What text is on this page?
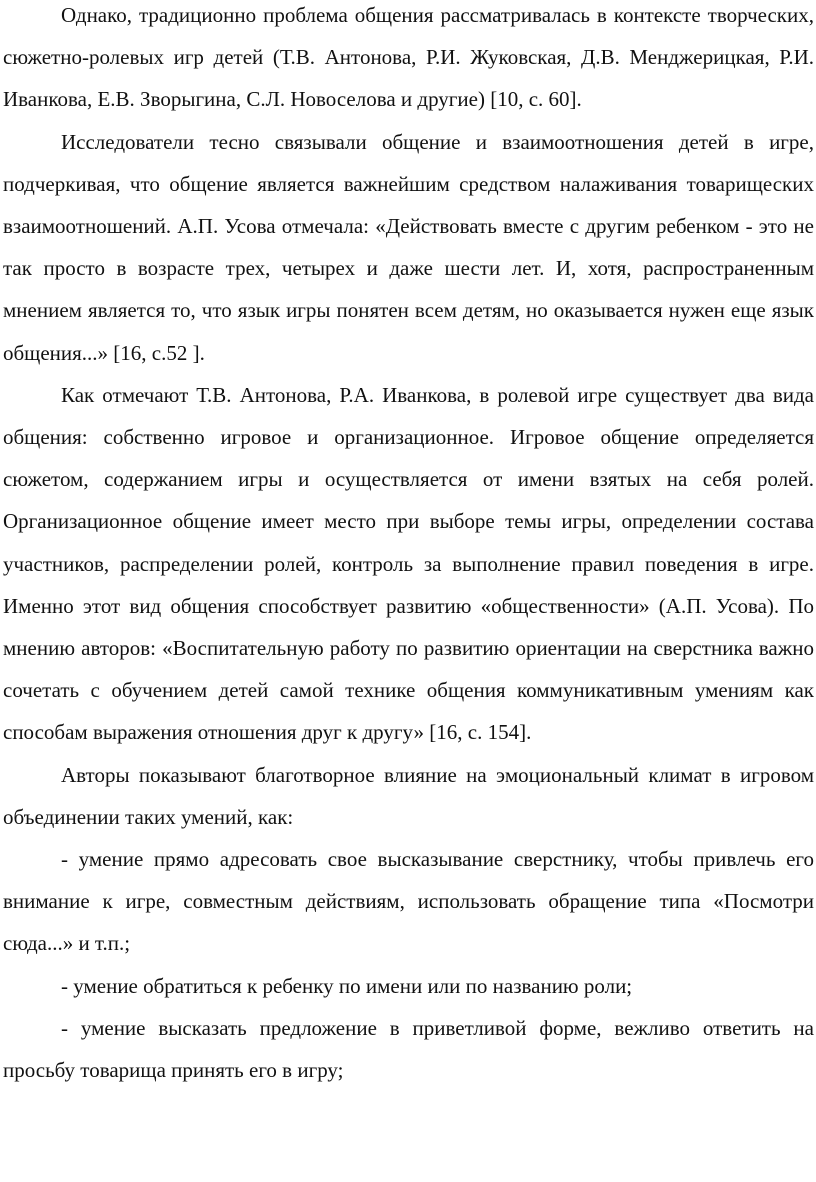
Однако, традиционно проблема общения рассматривалась в контексте творческих, сюжетно-ролевых игр детей (Т.В. Антонова, Р.И. Жуковская, Д.В. Менджерицкая, Р.И. Иванкова, Е.В. Зворыгина, С.Л. Новоселова и другие) [10, с. 60].

Исследователи тесно связывали общение и взаимоотношения детей в игре, подчеркивая, что общение является важнейшим средством налаживания товарищеских взаимоотношений. А.П. Усова отмечала: «Действовать вместе с другим ребенком - это не так просто в возрасте трех, четырех и даже шести лет. И, хотя, распространенным мнением является то, что язык игры понятен всем детям, но оказывается нужен еще язык общения...» [16, с.52 ].

Как отмечают Т.В. Антонова, Р.А. Иванкова, в ролевой игре существует два вида общения: собственно игровое и организационное. Игровое общение определяется сюжетом, содержанием игры и осуществляется от имени взятых на себя ролей. Организационное общение имеет место при выборе темы игры, определении состава участников, распределении ролей, контроль за выполнение правил поведения в игре. Именно этот вид общения способствует развитию «общественности» (А.П. Усова). По мнению авторов: «Воспитательную работу по развитию ориентации на сверстника важно сочетать с обучением детей самой технике общения коммуникативным умениям как способам выражения отношения друг к другу» [16, с. 154].

Авторы показывают благотворное влияние на эмоциональный климат в игровом объединении таких умений, как:

- умение прямо адресовать свое высказывание сверстнику, чтобы привлечь его внимание к игре, совместным действиям, использовать обращение типа «Посмотри сюда...» и т.п.;

- умение обратиться к ребенку по имени или по названию роли;

- умение высказать предложение в приветливой форме, вежливо ответить на просьбу товарища принять его в игру;
